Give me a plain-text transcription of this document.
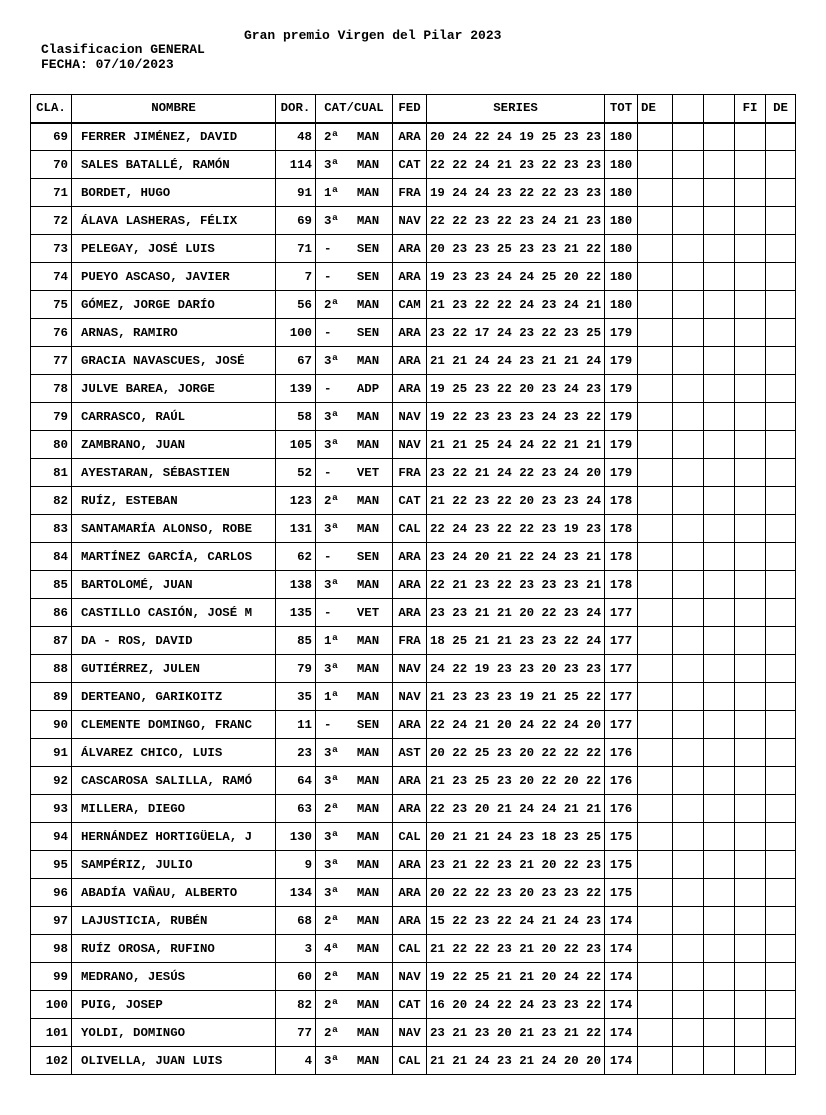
Gran premio Virgen del Pilar 2023
Clasificacion GENERAL
FECHA: 07/10/2023
CLA.	NOMBRE	DOR.	CAT/CUAL	FED	SERIES	TOT	DE			FI	DE
69	FERRER JIMÉNEZ, DAVID	48	2ª MAN	ARA	20 24 22 24 19 25 23 23	180					
70	SALES BATALLÉ, RAMÓN	114	3ª MAN	CAT	22 22 24 21 23 22 23 23	180					
71	BORDET, HUGO	91	1ª MAN	FRA	19 24 24 23 22 22 23 23	180					
72	ÁLAVA LASHERAS, FÉLIX	69	3ª MAN	NAV	22 22 23 22 23 24 21 23	180					
73	PELEGAY, JOSÉ LUIS	71	- SEN	ARA	20 23 23 25 23 23 21 22	180					
74	PUEYO ASCASO, JAVIER	7	- SEN	ARA	19 23 23 24 24 25 20 22	180					
75	GÓMEZ, JORGE DARÍO	56	2ª MAN	CAM	21 23 22 22 24 23 24 21	180					
76	ARNAS, RAMIRO	100	- SEN	ARA	23 22 17 24 23 22 23 25	179					
77	GRACIA NAVASCUES, JOSÉ	67	3ª MAN	ARA	21 21 24 24 23 21 21 24	179					
78	JULVE BAREA, JORGE	139	- ADP	ARA	19 25 23 22 20 23 24 23	179					
79	CARRASCO, RAÚL	58	3ª MAN	NAV	19 22 23 23 23 24 23 22	179					
80	ZAMBRANO, JUAN	105	3ª MAN	NAV	21 21 25 24 24 22 21 21	179					
81	AYESTARAN, SÉBASTIEN	52	- VET	FRA	23 22 21 24 22 23 24 20	179					
82	RUÍZ, ESTEBAN	123	2ª MAN	CAT	21 22 23 22 20 23 23 24	178					
83	SANTAMARÍA ALONSO, ROBE	131	3ª MAN	CAL	22 24 23 22 22 23 19 23	178					
84	MARTÍNEZ GARCÍA, CARLOS	62	- SEN	ARA	23 24 20 21 22 24 23 21	178					
85	BARTOLOMÉ, JUAN	138	3ª MAN	ARA	22 21 23 22 23 23 23 21	178					
86	CASTILLO CASIÓN, JOSÉ M	135	- VET	ARA	23 23 21 21 20 22 23 24	177					
87	DA - ROS, DAVID	85	1ª MAN	FRA	18 25 21 21 23 23 22 24	177					
88	GUTIÉRREZ, JULEN	79	3ª MAN	NAV	24 22 19 23 23 20 23 23	177					
89	DERTEANO, GARIKOITZ	35	1ª MAN	NAV	21 23 23 23 19 21 25 22	177					
90	CLEMENTE DOMINGO, FRANC	11	- SEN	ARA	22 24 21 20 24 22 24 20	177					
91	ÁLVAREZ CHICO, LUIS	23	3ª MAN	AST	20 22 25 23 20 22 22 22	176					
92	CASCAROSA SALILLA, RAMÓ	64	3ª MAN	ARA	21 23 25 23 20 22 20 22	176					
93	MILLERA, DIEGO	63	2ª MAN	ARA	22 23 20 21 24 24 21 21	176					
94	HERNÁNDEZ HORTIGÜELA, J	130	3ª MAN	CAL	20 21 21 24 23 18 23 25	175					
95	SAMPÉRIZ, JULIO	9	3ª MAN	ARA	23 21 22 23 21 20 22 23	175					
96	ABADÍA VAÑAU, ALBERTO	134	3ª MAN	ARA	20 22 22 23 20 23 23 22	175					
97	LAJUSTICIA, RUBÉN	68	2ª MAN	ARA	15 22 23 22 24 21 24 23	174					
98	RUÍZ OROSA, RUFINO	3	4ª MAN	CAL	21 22 22 23 21 20 22 23	174					
99	MEDRANO, JESÚS	60	2ª MAN	NAV	19 22 25 21 21 20 24 22	174					
100	PUIG, JOSEP	82	2ª MAN	CAT	16 20 24 22 24 23 23 22	174					
101	YOLDI, DOMINGO	77	2ª MAN	NAV	23 21 23 20 21 23 21 22	174					
102	OLIVELLA, JUAN LUIS	4	3ª MAN	CAL	21 21 24 23 21 24 20 20	174					
